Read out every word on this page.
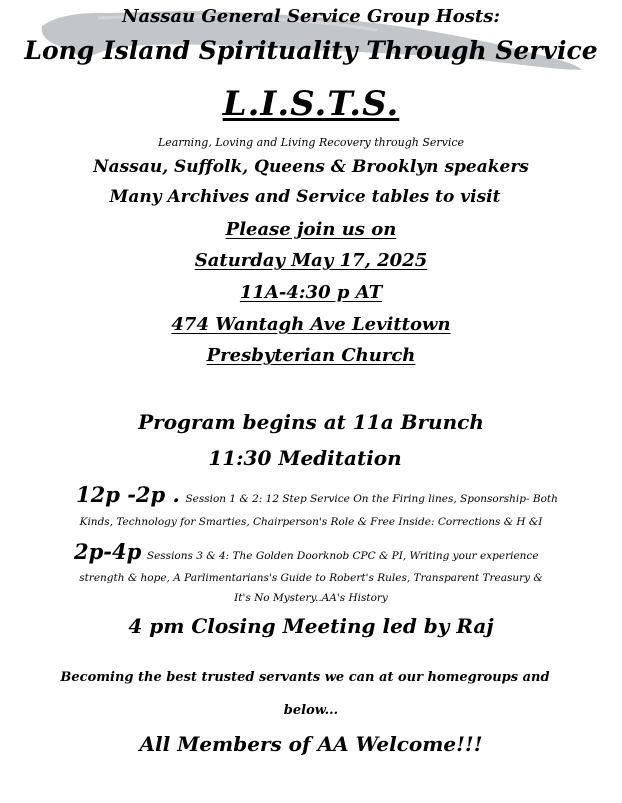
Nassau General Service Group Hosts:
Long Island Spirituality Through Service
L.I.S.T.S.
Learning, Loving and Living Recovery through Service
Nassau, Suffolk, Queens & Brooklyn speakers
Many Archives and Service tables to visit
Please join us on
Saturday May 17, 2025
11A-4:30 p AT
474 Wantagh Ave Levittown
Presbyterian Church
Program begins at 11a Brunch
11:30 Meditation
12p -2p . Session 1 & 2: 12 Step Service On the Firing lines, Sponsorship- Both
Kinds, Technology for Smarties, Chairperson's Role & Free Inside: Corrections & H &I
2p-4p Sessions 3 & 4: The Golden Doorknob CPC & PI, Writing your experience
strength & hope, A Parlimentarians's Guide to Robert's Rules, Transparent Treasury &
It's No Mystery..AA's History
4 pm Closing Meeting led by Raj
Becoming the best trusted servants we can at our homegroups and
below...
All Members of AA Welcome!!!
